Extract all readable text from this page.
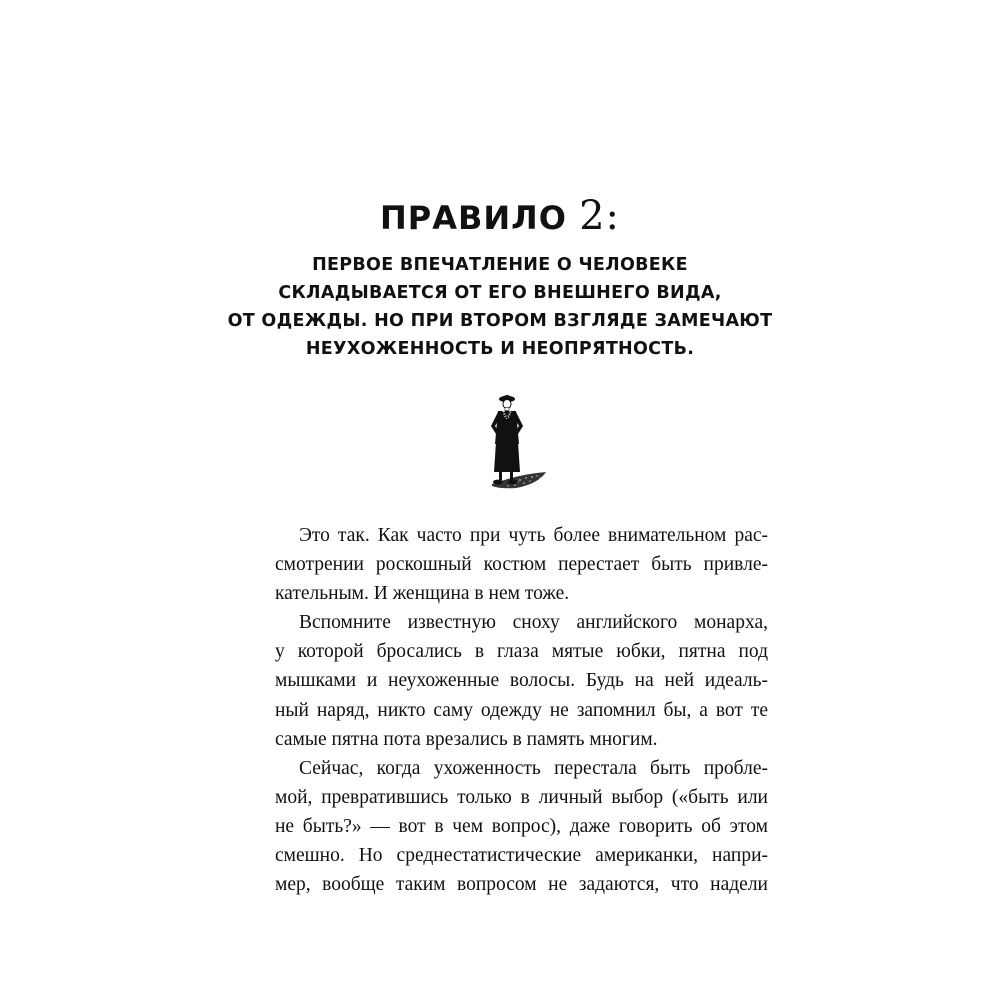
ПРАВИЛО 2:
ПЕРВОЕ ВПЕЧАТЛЕНИЕ О ЧЕЛОВЕКЕ
СКЛАДЫВАЕТСЯ ОТ ЕГО ВНЕШНЕГО ВИДА,
ОТ ОДЕЖДЫ. НО ПРИ ВТОРОМ ВЗГЛЯДЕ ЗАМЕЧАЮТ
НЕУХОЖЕННОСТЬ И НЕОПРЯТНОСТЬ.
Это так. Как часто при чуть более внимательном рас-
смотрении роскошный костюм перестает быть привле-
кательным. И женщина в нем тоже.
Вспомните известную сноху английского монарха,
у которой бросались в глаза мятые юбки, пятна под
мышками и неухоженные волосы. Будь на ней идеаль-
ный наряд, никто саму одежду не запомнил бы, а вот те
самые пятна пота врезались в память многим.
Сейчас, когда ухоженность перестала быть пробле-
мой, превратившись только в личный выбор («быть или
не быть?» — вот в чем вопрос), даже говорить об этом
смешно. Но среднестатистические американки, напри-
мер, вообще таким вопросом не задаются, что надели
